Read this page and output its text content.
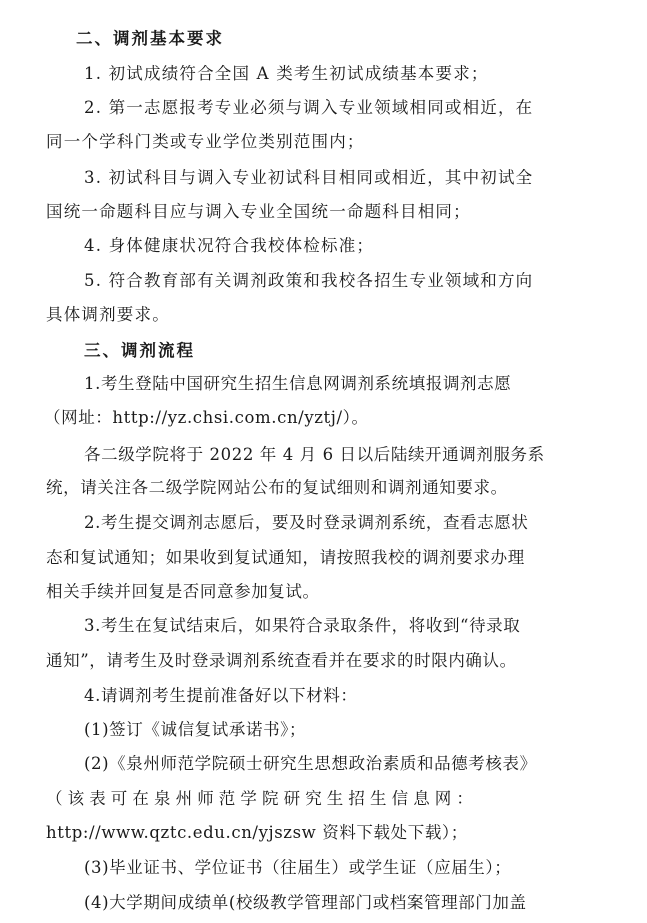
二、调剂基本要求
1. 初试成绩符合全国 A 类考生初试成绩基本要求；
2. 第一志愿报考专业必须与调入专业领域相同或相近，在
同一个学科门类或专业学位类别范围内；
3. 初试科目与调入专业初试科目相同或相近，其中初试全
国统一命题科目应与调入专业全国统一命题科目相同；
4. 身体健康状况符合我校体检标准；
5. 符合教育部有关调剂政策和我校各招生专业领域和方向
具体调剂要求。
三、调剂流程
1.考生登陆中国研究生招生信息网调剂系统填报调剂志愿
（网址：http://yz.chsi.com.cn/yztj/）。
各二级学院将于 2022 年 4 月 6 日以后陆续开通调剂服务系
统，请关注各二级学院网站公布的复试细则和调剂通知要求。
2.考生提交调剂志愿后，要及时登录调剂系统，查看志愿状
态和复试通知；如果收到复试通知，请按照我校的调剂要求办理
相关手续并回复是否同意参加复试。
3.考生在复试结束后，如果符合录取条件，将收到“待录取
通知”，请考生及时登录调剂系统查看并在要求的时限内确认。
4.请调剂考生提前准备好以下材料：
(1)签订《诚信复试承诺书》；
(2)《泉州师范学院硕士研究生思想政治素质和品德考核表》
（该表可在泉州师范学院研究生招生信息网：
http://www.qztc.edu.cn/yjszsw 资料下载处下载）；
(3)毕业证书、学位证书（往届生）或学生证（应届生）；
(4)大学期间成绩单(校级教学管理部门或档案管理部门加盖
